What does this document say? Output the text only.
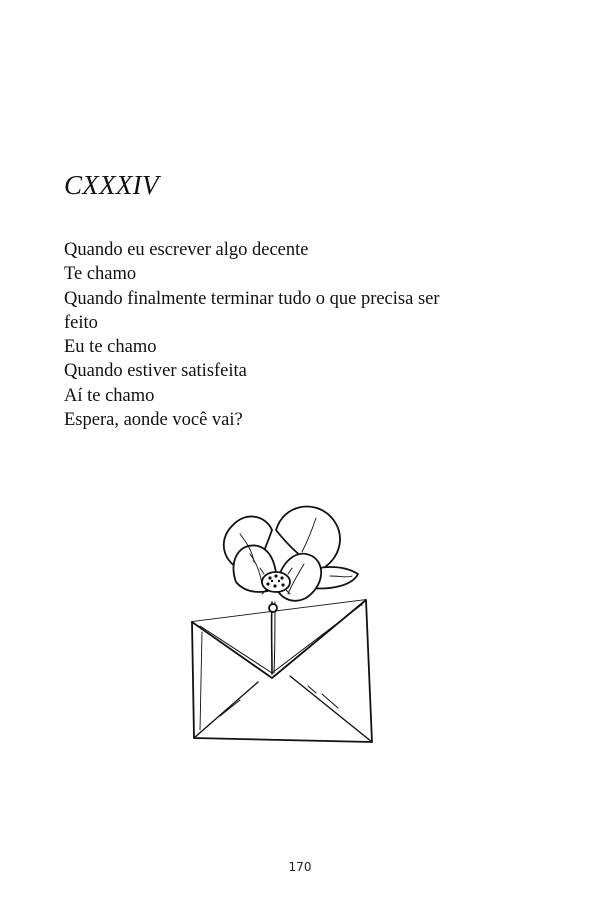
CXXXIV
Quando eu escrever algo decente
Te chamo
Quando finalmente terminar tudo o que precisa ser
feito
Eu te chamo
Quando estiver satisfeita
Aí te chamo
Espera, aonde você vai?
170
